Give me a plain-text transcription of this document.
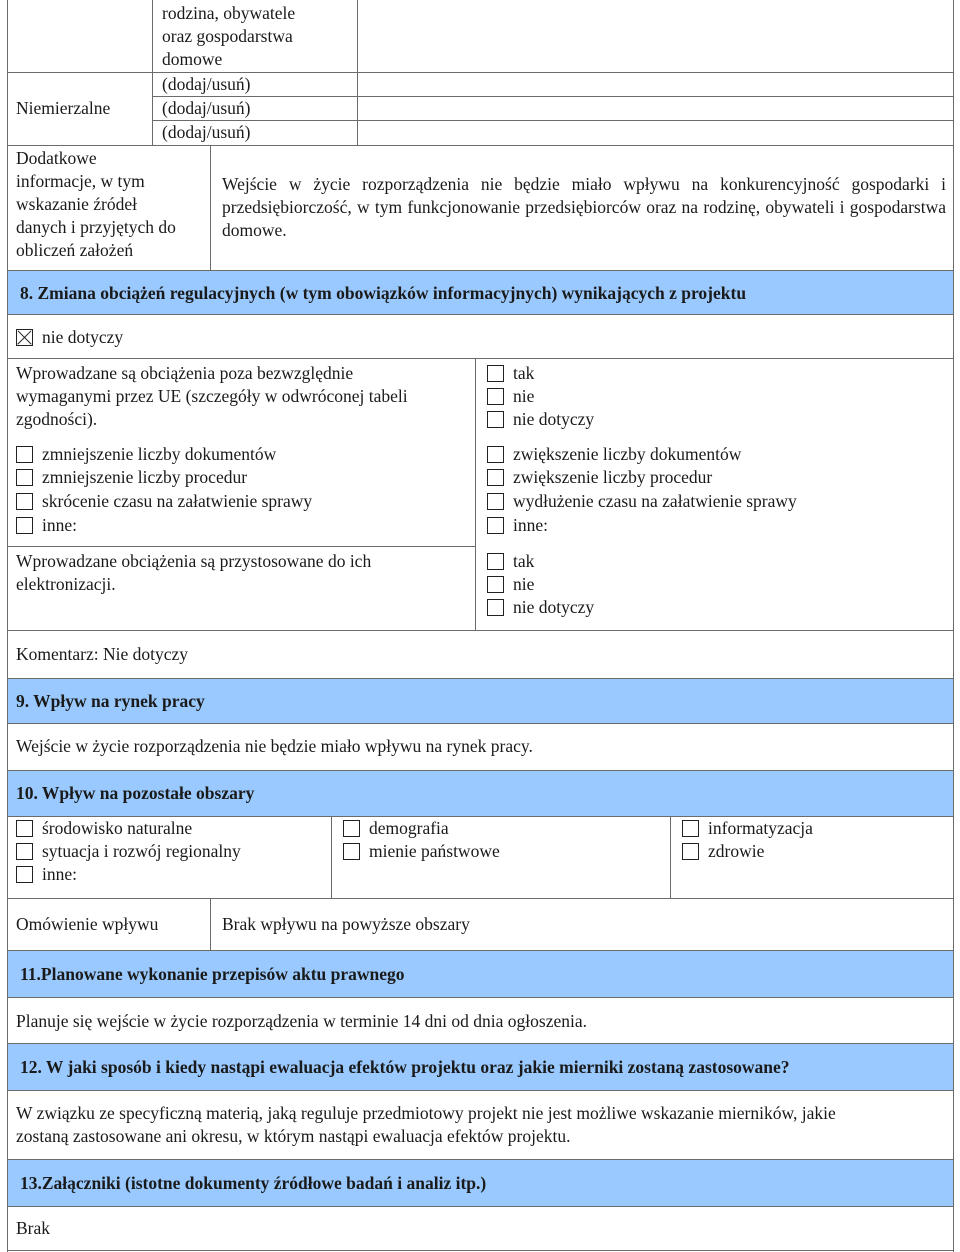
rodzina, obywatele
oraz gospodarstwa
domowe
(dodaj/usuń)
(dodaj/usuń)
(dodaj/usuń)
Niemierzalne
Dodatkowe
informacje, w tym
wskazanie źródeł
danych i przyjętych do
obliczeń założeń
Wejście w życie rozporządzenia nie będzie miało wpływu na konkurencyjność gospodarki i przedsiębiorczość, w tym funkcjonowanie przedsiębiorców oraz na rodzinę, obywateli i gospodarstwa domowe.
8. Zmiana obciążeń regulacyjnych (w tym obowiązków informacyjnych) wynikających z projektu
nie dotyczy
Wprowadzane są obciążenia poza bezwzględnie
wymaganymi przez UE (szczegóły w odwróconej tabeli
zgodności).
tak
nie
nie dotyczy
zmniejszenie liczby dokumentów
zmniejszenie liczby procedur
skrócenie czasu na załatwienie sprawy
inne:
zwiększenie liczby dokumentów
zwiększenie liczby procedur
wydłużenie czasu na załatwienie sprawy
inne:
Wprowadzane obciążenia są przystosowane do ich
elektronizacji.
tak
nie
nie dotyczy
Komentarz: Nie dotyczy
9. Wpływ na rynek pracy
Wejście w życie rozporządzenia nie będzie miało wpływu na rynek pracy.
10. Wpływ na pozostałe obszary
środowisko naturalne
sytuacja i rozwój regionalny
inne:
demografia
mienie państwowe
informatyzacja
zdrowie
Omówienie wpływu	Brak wpływu na powyższe obszary
11.Planowane wykonanie przepisów aktu prawnego
Planuje się wejście w życie rozporządzenia w terminie 14 dni od dnia ogłoszenia.
12. W jaki sposób i kiedy nastąpi ewaluacja efektów projektu oraz jakie mierniki zostaną zastosowane?
W związku ze specyficzną materią, jaką reguluje przedmiotowy projekt nie jest możliwe wskazanie mierników, jakie
zostaną zastosowane ani okresu, w którym nastąpi ewaluacja efektów projektu.
13.Załączniki (istotne dokumenty źródłowe badań i analiz itp.)
Brak
